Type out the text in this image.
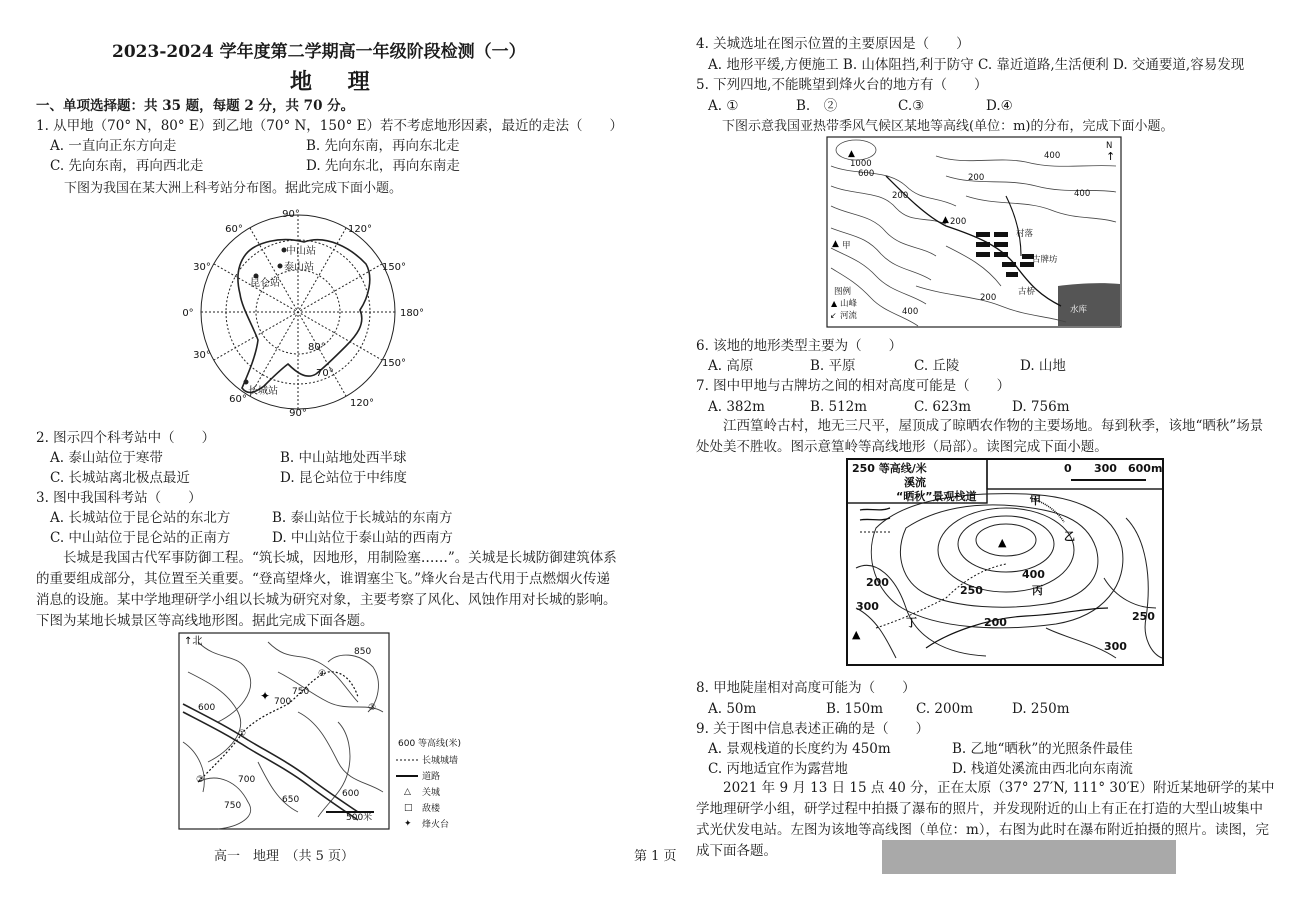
2023-2024 学年度第二学期高一年级阶段检测（一）
地 理
一、单项选择题：共 35 题，每题 2 分，共 70 分。
1. 从甲地（70° N，80° E）到乙地（70° N，150° E）若不考虑地形因素，最近的走法（　　）
A. 一直向正东方向走	B. 先向东南，再向东北走
C. 先向东南，再向西北走	D. 先向东北，再向东南走
下图为我国在某大洲上科考站分布图。据此完成下面小题。
90°
60°	120°
30°	150°
0°	180°
30°
150°
60°	120°
90°
80°
70°
中山站
泰山站
昆仑站
长城站
2. 图示四个科考站中（　　）
A. 泰山站位于寒带	B. 中山站地处西半球
C. 长城站离北极点最近	D. 昆仑站位于中纬度
3. 图中我国科考站（　　）
A. 长城站位于昆仑站的东北方	B. 泰山站位于长城站的东南方
C. 中山站位于昆仑站的正南方	D. 中山站位于泰山站的西南方
长城是我国古代军事防御工程。“筑长城，因地形，用制险塞……”。关城是长城防御建筑体系的重要组成部分，其位置至关重要。“登高望烽火，谁谓塞尘飞。”烽火台是古代用于点燃烟火传递消息的设施。某中学地理研学小组以长城为研究对象，主要考察了风化、风蚀作用对长城的影响。下图为某地长城景区等高线地形图。据此完成下面各题。
↑北
850
750
700
600
700
750
650
600
①
②
③
④
500米
✦
600 等高线(米)
长城城墙
道路
△ 关城
□ 敌楼
✦ 烽火台
高一　地理　（共 5 页）	第 1 页
4. 关城选址在图示位置的主要原因是（　　）
A. 地形平缓,方便施工 B. 山体阻挡,利于防守 C. 靠近道路,生活便利 D. 交通要道,容易发现
5. 下列四地,不能眺望到烽火台的地方有（　　）
A. ①	B.　②	C.③	D.④
下图示意我国亚热带季风气候区某地等高线(单位：m)的分布，完成下面小题。
▲
▲
▲
1000
600
400
200
200
200
400
200
400
村落
古牌坊
古桥
甲
水库
N
图例
山峰
河流
▲
↙
↑
6. 该地的地形类型主要为（　　）
A. 高原	B. 平原	C. 丘陵	D. 山地
7. 图中甲地与古牌坊之间的相对高度可能是（　　）
A. 382m	B. 512m	C. 623m	D. 756m
江西篁岭古村，地无三尺平，屋顶成了晾晒农作物的主要场地。每到秋季，该地“晒秋”场景处处美不胜收。图示意篁岭等高线地形（局部）。读图完成下面小题。
▲
▲
250 等高线/米
溪流
“晒秋”景观栈道
0 300 600m
400
200
250
300
200	250
300
甲
乙
丙
丁
8. 甲地陡崖相对高度可能为（　　）
A. 50m	B. 150m C. 200m	D. 250m
9. 关于图中信息表述正确的是（　　）
A. 景观栈道的长度约为 450m	B. 乙地“晒秋”的光照条件最佳
C. 丙地适宜作为露营地	D. 栈道处溪流由西北向东南流
2021 年 9 月 13 日 15 点 40 分，正在太原（37° 27′N, 111° 30′E）附近某地研学的某中学地理研学小组，研学过程中拍摄了瀑布的照片，并发现附近的山上有正在打造的大型山坡集中式光伏发电站。左图为该地等高线图（单位：m），右图为此时在瀑布附近拍摄的照片。读图，完成下面各题。
